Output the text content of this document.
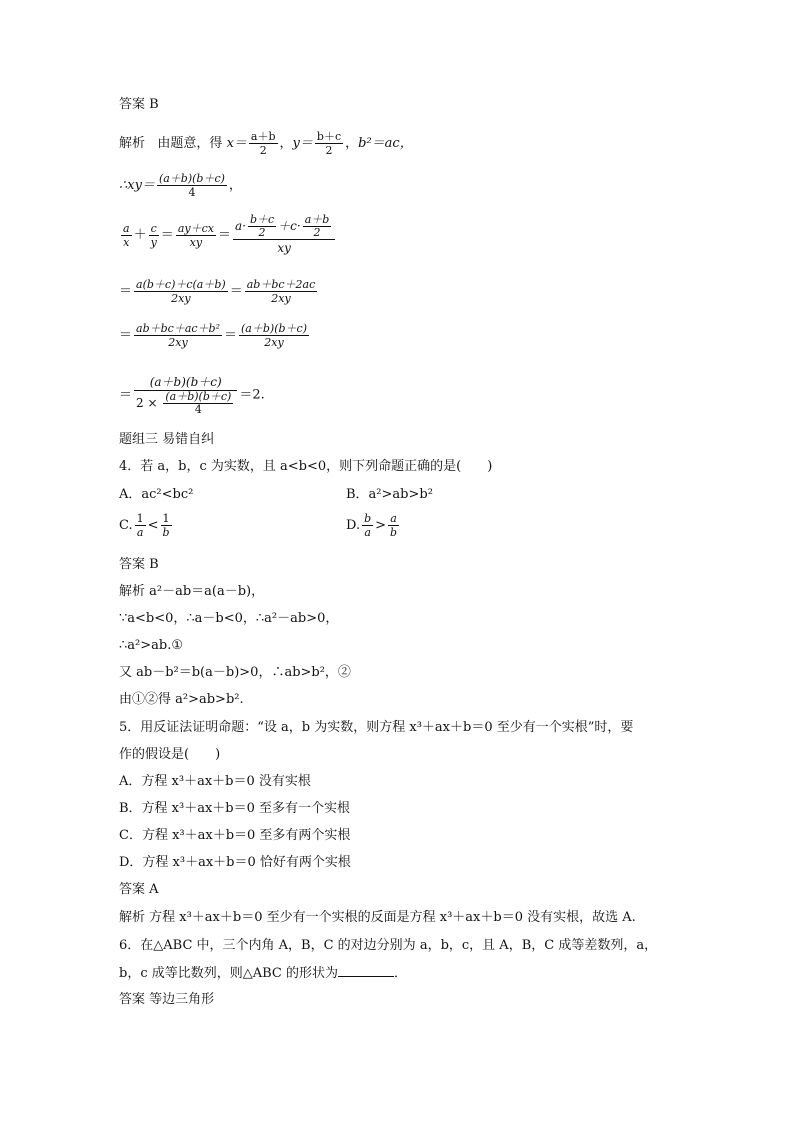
答案 B
解析 由题意，得 $x= \frac{a+b}{2}$ ，$y= \frac{b+c}{2}$ ，b²＝ac，
∴xy＝ $\frac{(a+b)(b+c)}{4}$ ，
$\frac{a}{x} + \frac{c}{y} = \frac{ay+cx}{xy} = \frac{a\cdot \frac{b+c}{2} +c\cdot \frac{a+b}{2}}{xy}$
＝ $\frac{a(b+c)+c(a+b)}{2xy} = \frac{ab+bc+2ac}{2xy}$
＝ $\frac{\text{ab＋bc＋ac＋b²}}{2xy} = \frac{(a+b)(b+c)}{2xy}$
＝ $\frac{(a+b)(b+c)}{2 \times \frac{(a+b)(b+c)}{4}} =2$.
题组三 易错自纠
4．若 a，b，c 为实数，且 a<b<0，则下列命题正确的是(　　)
A．ac²<bc²	B．a²>ab>b²
C. $\frac{1}{a} < \frac{1}{b}$	D. $\frac{b}{a} > \frac{a}{b}$
答案 B
解析 a²－ab＝a(a－b)，
∵a<b<0，∴a－b<0，∴a²－ab>0，
∴a²>ab.①
又 ab－b²＝b(a－b)>0，∴ab>b²，②
由①②得 a²>ab>b².
5．用反证法证明命题：“设 a，b 为实数，则方程 x³＋ax＋b＝0 至少有一个实根”时，要
作的假设是(　　)
A．方程 x³＋ax＋b＝0 没有实根
B．方程 x³＋ax＋b＝0 至多有一个实根
C．方程 x³＋ax＋b＝0 至多有两个实根
D．方程 x³＋ax＋b＝0 恰好有两个实根
答案 A
解析 方程 x³＋ax＋b＝0 至少有一个实根的反面是方程 x³＋ax＋b＝0 没有实根，故选 A.
6．在△ABC 中，三个内角 A，B，C 的对边分别为 a，b，c，且 A，B，C 成等差数列，a，
b，c 成等比数列，则△ABC 的形状为	．
答案 等边三角形
